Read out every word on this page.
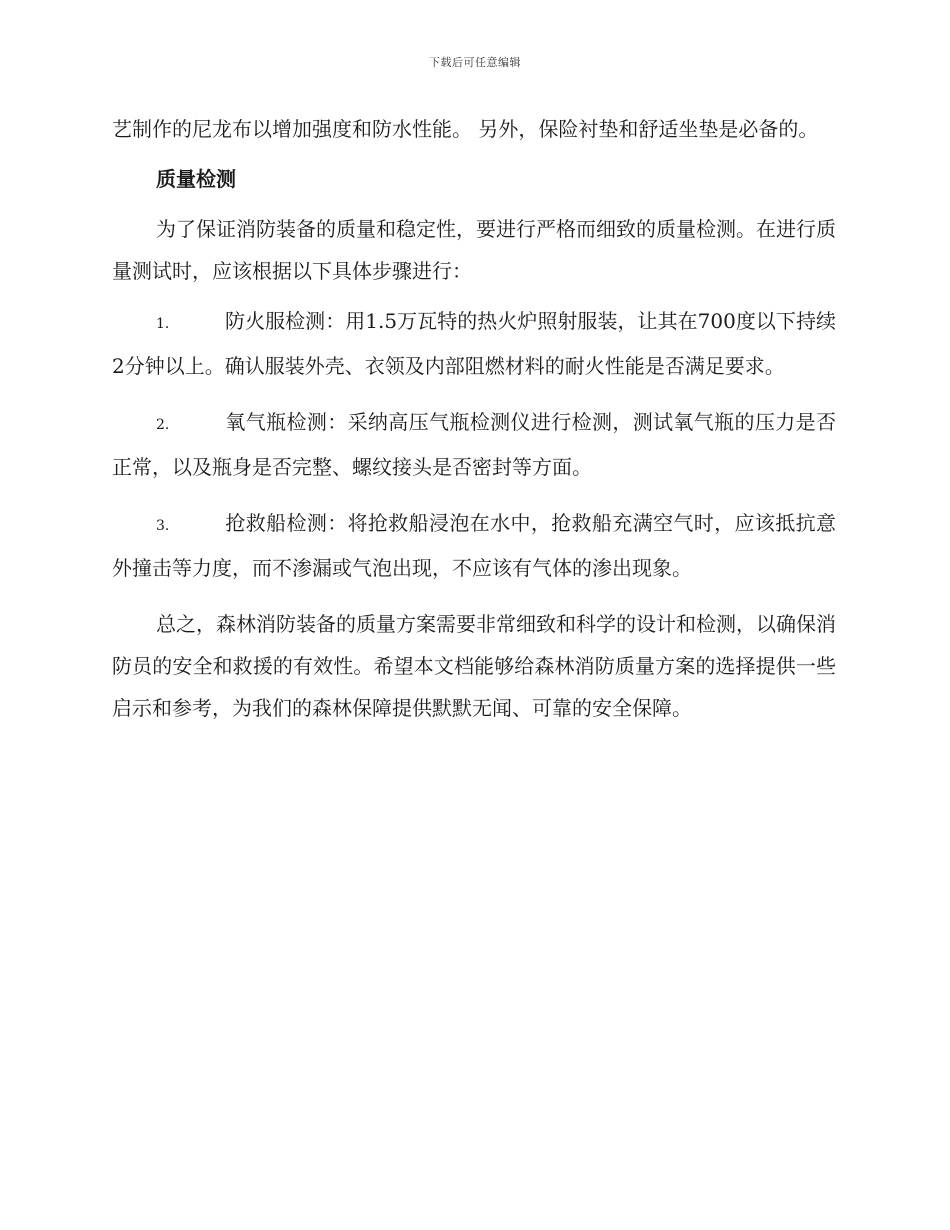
下载后可任意编辑

艺制作的尼龙布以增加强度和防水性能。 另外，保险衬垫和舒适坐垫是必备的。

质量检测

为了保证消防装备的质量和稳定性，要进行严格而细致的质量检测。在进行质量测试时，应该根据以下具体步骤进行：

1.	防火服检测：用1.5万瓦特的热火炉照射服装，让其在700度以下持续2分钟以上。确认服装外壳、衣领及内部阻燃材料的耐火性能是否满足要求。
2.	氧气瓶检测：采纳高压气瓶检测仪进行检测，测试氧气瓶的压力是否正常，以及瓶身是否完整、螺纹接头是否密封等方面。
3.	抢救船检测：将抢救船浸泡在水中，抢救船充满空气时，应该抵抗意外撞击等力度，而不渗漏或气泡出现，不应该有气体的渗出现象。

总之，森林消防装备的质量方案需要非常细致和科学的设计和检测，以确保消防员的安全和救援的有效性。希望本文档能够给森林消防质量方案的选择提供一些启示和参考，为我们的森林保障提供默默无闻、可靠的安全保障。
